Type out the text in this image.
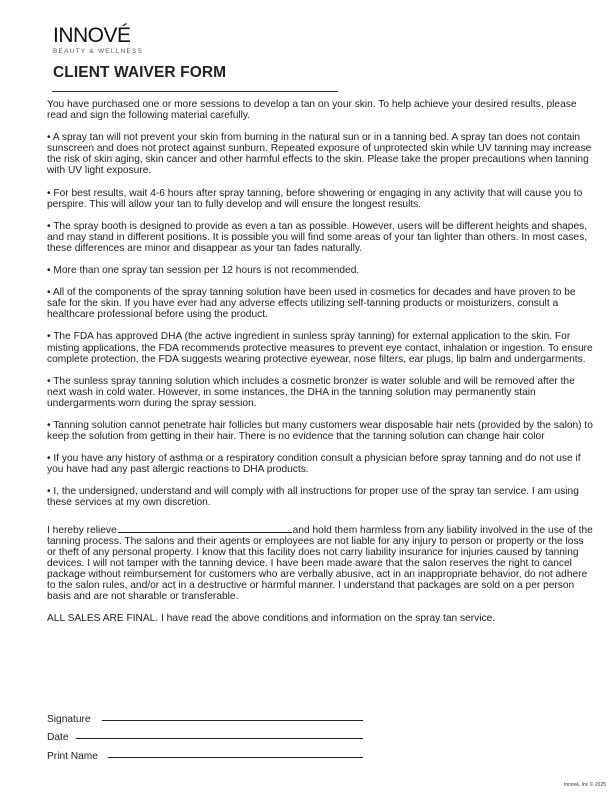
INNOVÉ
BEAUTY & WELLNESS
CLIENT WAIVER FORM

You have purchased one or more sessions to develop a tan on your skin. To help achieve your desired results, please read and sign the following material carefully.

• A spray tan will not prevent your skin from burning in the natural sun or in a tanning bed. A spray tan does not contain sunscreen and does not protect against sunburn. Repeated exposure of unprotected skin while UV tanning may increase the risk of skin aging, skin cancer and other harmful effects to the skin. Please take the proper precautions when tanning with UV light exposure.

• For best results, wait 4-6 hours after spray tanning, before showering or engaging in any activity that will cause you to perspire. This will allow your tan to fully develop and will ensure the longest results.

• The spray booth is designed to provide as even a tan as possible. However, users will be different heights and shapes, and may stand in different positions. It is possible you will find some areas of your tan lighter than others. In most cases, these differences are minor and disappear as your tan fades naturally.

• More than one spray tan session per 12 hours is not recommended.

• All of the components of the spray tanning solution have been used in cosmetics for decades and have proven to be safe for the skin. If you have ever had any adverse effects utilizing self-tanning products or moisturizers, consult a healthcare professional before using the product.

• The FDA has approved DHA (the active ingredient in sunless spray tanning) for external application to the skin. For misting applications, the FDA recommends protective measures to prevent eye contact, inhalation or ingestion. To ensure complete protection, the FDA suggests wearing protective eyewear, nose filters, ear plugs, lip balm and undergarments.

• The sunless spray tanning solution which includes a cosmetic bronzer is water soluble and will be removed after the next wash in cold water. However, in some instances, the DHA in the tanning solution may permanently stain undergarments worn during the spray session.

• Tanning solution cannot penetrate hair follicles but many customers wear disposable hair nets (provided by the salon) to keep the solution from getting in their hair. There is no evidence that the tanning solution can change hair color

• If you have any history of asthma or a respiratory condition consult a physician before spray tanning and do not use if you have had any past allergic reactions to DHA products.

• I, the undersigned, understand and will comply with all instructions for proper use of the spray tan service. I am using these services at my own discretion.

I hereby relieve	and hold them harmless from any liability involved in the use of the tanning process. The salons and their agents or employees are not liable for any injury to person or property or the loss or theft of any personal property. I know that this facility does not carry liability insurance for injuries caused by tanning devices. I will not tamper with the tanning device. I have been made aware that the salon reserves the right to cancel package without reimbursement for customers who are verbally abusive, act in an inappropriate behavior, do not adhere to the salon rules, and/or act in a destructive or harmful manner. I understand that packages are sold on a per person basis and are not sharable or transferable.

ALL SALES ARE FINAL. I have read the above conditions and information on the spray tan service.

Signature
Date
Print Name
Innové, Inc © 2025
